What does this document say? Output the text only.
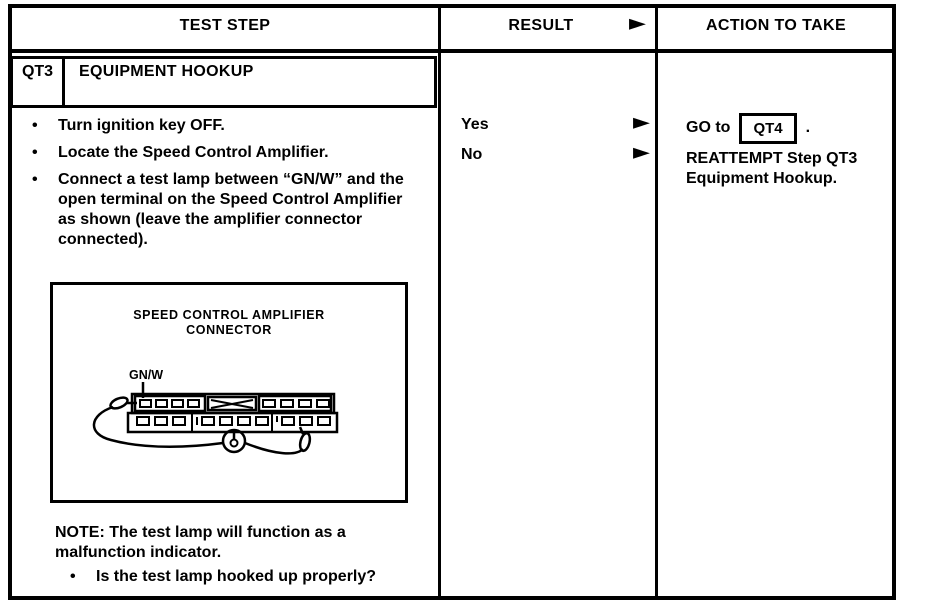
TEST STEP	RESULT	ACTION TO TAKE
►
QT3	EQUIPMENT HOOKUP
•	Turn ignition key OFF.
•	Locate the Speed Control Amplifier.
•	Connect a test lamp between “GN/W” and the open terminal on the Speed Control Amplifier as shown (leave the amplifier connector connected).
SPEED CONTROL AMPLIFIER
CONNECTOR
GN/W
NOTE: The test lamp will function as a malfunction indicator.
•	Is the test lamp hooked up properly?
Yes
No
►
►
GO to	QT4	.
REATTEMPT Step QT3
Equipment Hookup.
